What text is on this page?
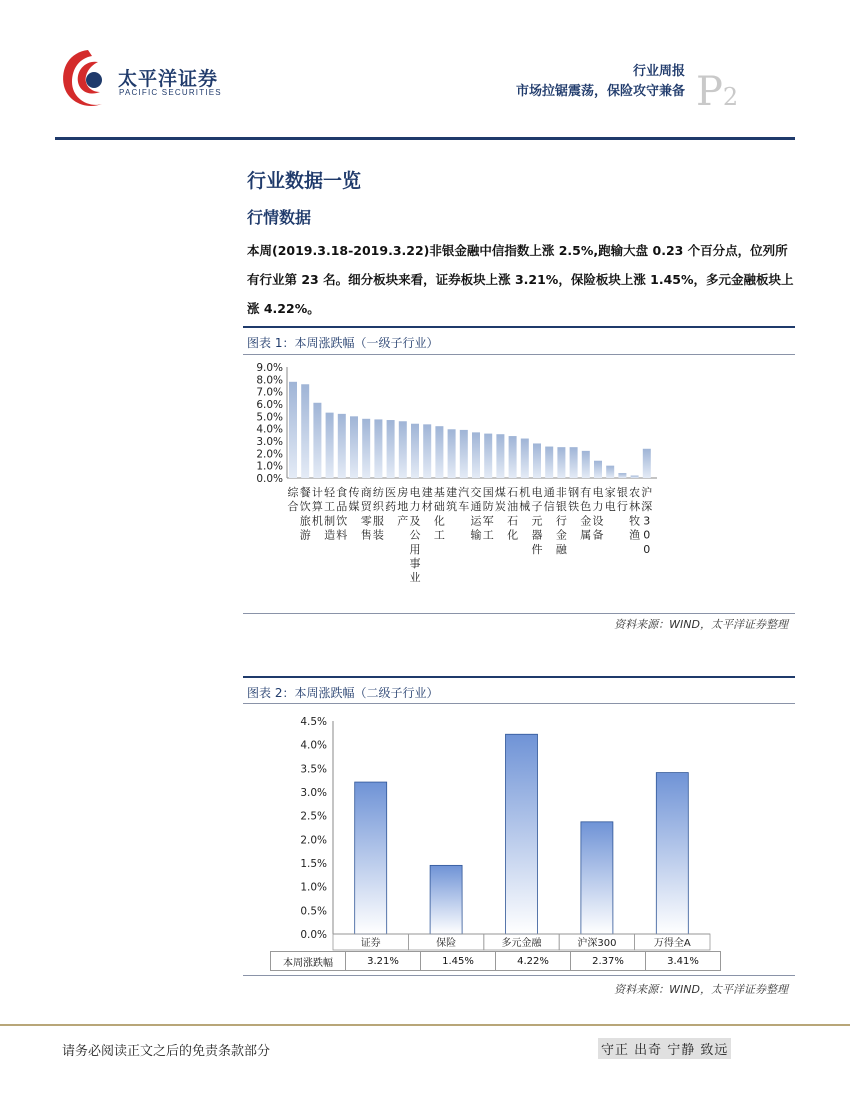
太平洋证券
PACIFIC SECURITIES
行业周报
市场拉锯震荡，保险攻守兼备 P2
行业数据一览
行情数据
本周(2019.3.18-2019.3.22)非银金融中信指数上涨 2.5%,跑输大盘 0.23 个百分点，位列所有行业第 23 名。细分板块来看，证券板块上涨 3.21%，保险板块上涨 1.45%，多元金融板块上涨 4.22%。
图表 1：本周涨跌幅（一级子行业）
9.0%
8.0%
7.0%
6.0%
5.0%
4.0%
3.0%
2.0%
1.0%
0.0%
综合
餐饮旅游
计算机
轻工制造
食品饮料
传媒
商贸零售
纺织服装
医药
房地产
电力及公用事业
建材
基础化工
建筑
汽车
交通运输
国防军工
煤炭
石油石化
机械
电子元器件
通信
非银行金融
钢铁
有色金属
电力设备
家电
银行
农林牧渔
沪深 3 0 0
资料来源：WIND，太平洋证券整理
图表 2：本周涨跌幅（二级子行业）
4.5%
4.0%
3.5%
3.0%
2.5%
2.0%
1.5%
1.0%
0.5%
0.0%
证券	保险	多元金融	沪深300	万得全A
本周涨跌幅	3.21%	1.45%	4.22%	2.37%	3.41%
资料来源：WIND，太平洋证券整理
请务必阅读正文之后的免责条款部分	守正 出奇 宁静 致远
